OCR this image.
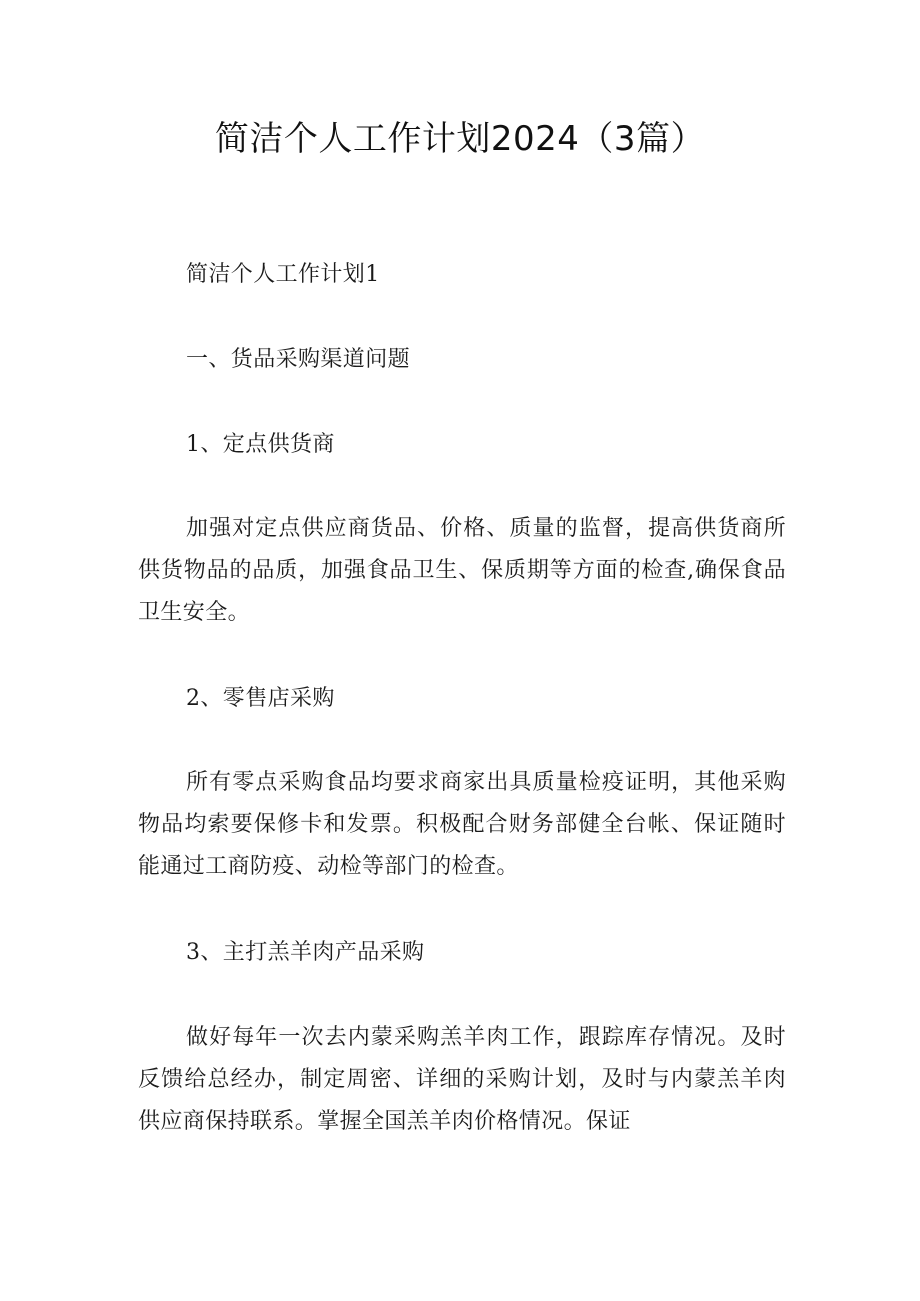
简洁个人工作计划2024（3篇）
简洁个人工作计划1
一、货品采购渠道问题
1、定点供货商

加强对定点供应商货品、价格、质量的监督，提高供货商所供货物品的品质，加强食品卫生、保质期等方面的检查,确保食品卫生安全。

2、零售店采购

所有零点采购食品均要求商家出具质量检疫证明，其他采购物品均索要保修卡和发票。积极配合财务部健全台帐、保证随时能通过工商防疫、动检等部门的检查。

3、主打羔羊肉产品采购

做好每年一次去内蒙采购羔羊肉工作，跟踪库存情况。及时反馈给总经办，制定周密、详细的采购计划，及时与内蒙羔羊肉供应商保持联系。掌握全国羔羊肉价格情况。保证
